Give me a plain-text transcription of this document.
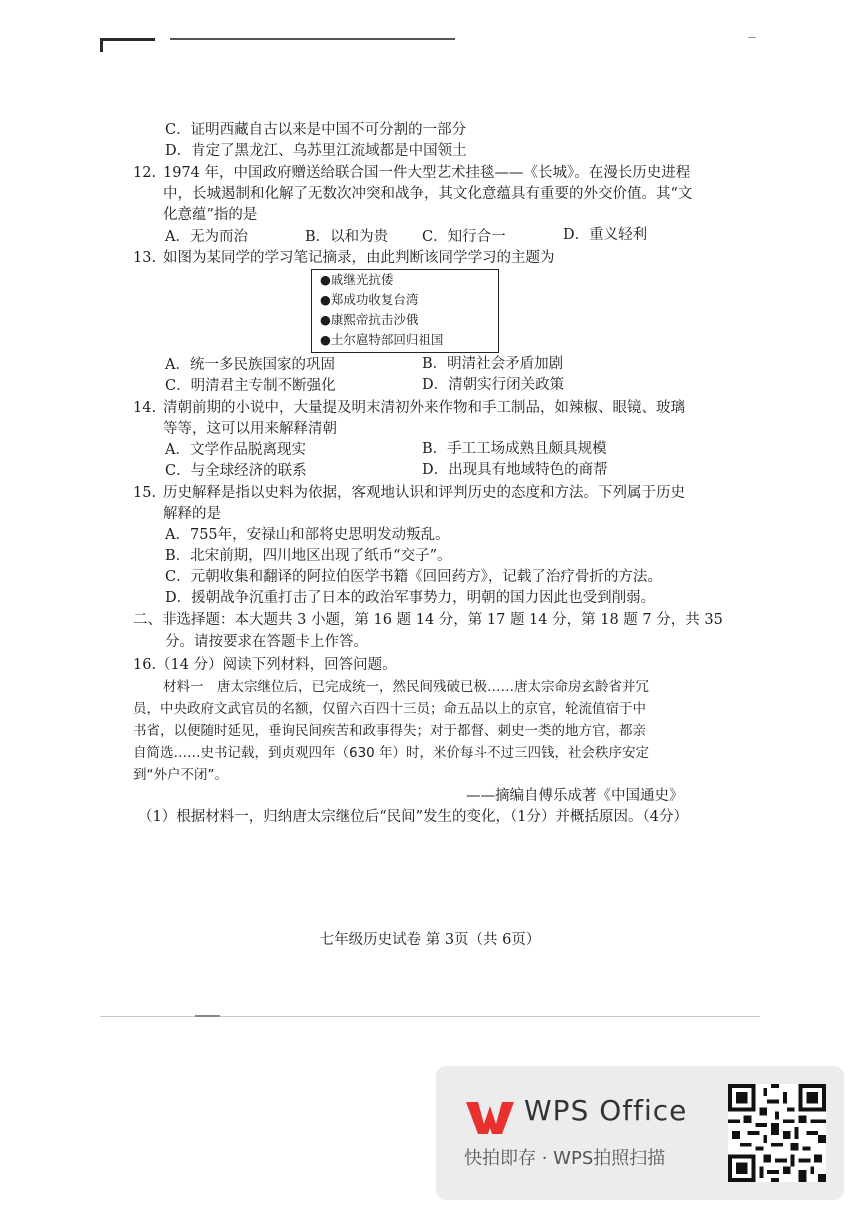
C．证明西藏自古以来是中国不可分割的一部分
D．肯定了黑龙江、乌苏里江流域都是中国领土
12. 1974 年，中国政府赠送给联合国一件大型艺术挂毯——《长城》。在漫长历史进程
中，长城遏制和化解了无数次冲突和战争，其文化意蕴具有重要的外交价值。其“文
化意蕴”指的是
A．无为而治	B．以和为贵 C．知行合一	D．重义轻利
13. 如图为某同学的学习笔记摘录，由此判断该同学学习的主题为
●戚继光抗倭
●郑成功收复台湾
●康熙帝抗击沙俄
●土尔扈特部回归祖国
A．统一多民族国家的巩固	B．明清社会矛盾加剧
C．明清君主专制不断强化	D．清朝实行闭关政策
14. 清朝前期的小说中，大量提及明末清初外来作物和手工制品，如辣椒、眼镜、玻璃
等等，这可以用来解释清朝
A．文学作品脱离现实	B．手工工场成熟且颇具规模
C．与全球经济的联系	D．出现具有地域特色的商帮
15. 历史解释是指以史料为依据，客观地认识和评判历史的态度和方法。下列属于历史
解释的是
A．755年，安禄山和部将史思明发动叛乱。
B．北宋前期，四川地区出现了纸币“交子”。
C．元朝收集和翻译的阿拉伯医学书籍《回回药方》，记载了治疗骨折的方法。
D．援朝战争沉重打击了日本的政治军事势力，明朝的国力因此也受到削弱。
二、非选择题：本大题共 3 小题，第 16 题 14 分，第 17 题 14 分，第 18 题 7 分，共 35
分。请按要求在答题卡上作答。
16.（14 分）阅读下列材料，回答问题。
材料一　唐太宗继位后，已完成统一，然民间残破已极……唐太宗命房玄龄省并冗
员，中央政府文武官员的名额，仅留六百四十三员；命五品以上的京官，轮流值宿于中
书省，以便随时延见，垂询民间疾苦和政事得失；对于都督、刺史一类的地方官，都亲
自简选……史书记载，到贞观四年（630 年）时，米价每斗不过三四钱，社会秩序安定
到“外户不闭”。
——摘编自傅乐成著《中国通史》
（1）根据材料一，归纳唐太宗继位后“民间”发生的变化，（1分）并概括原因。（4分）
七年级历史试卷 第 3页（共 6页）
WPS Office
快拍即存 · WPS拍照扫描
